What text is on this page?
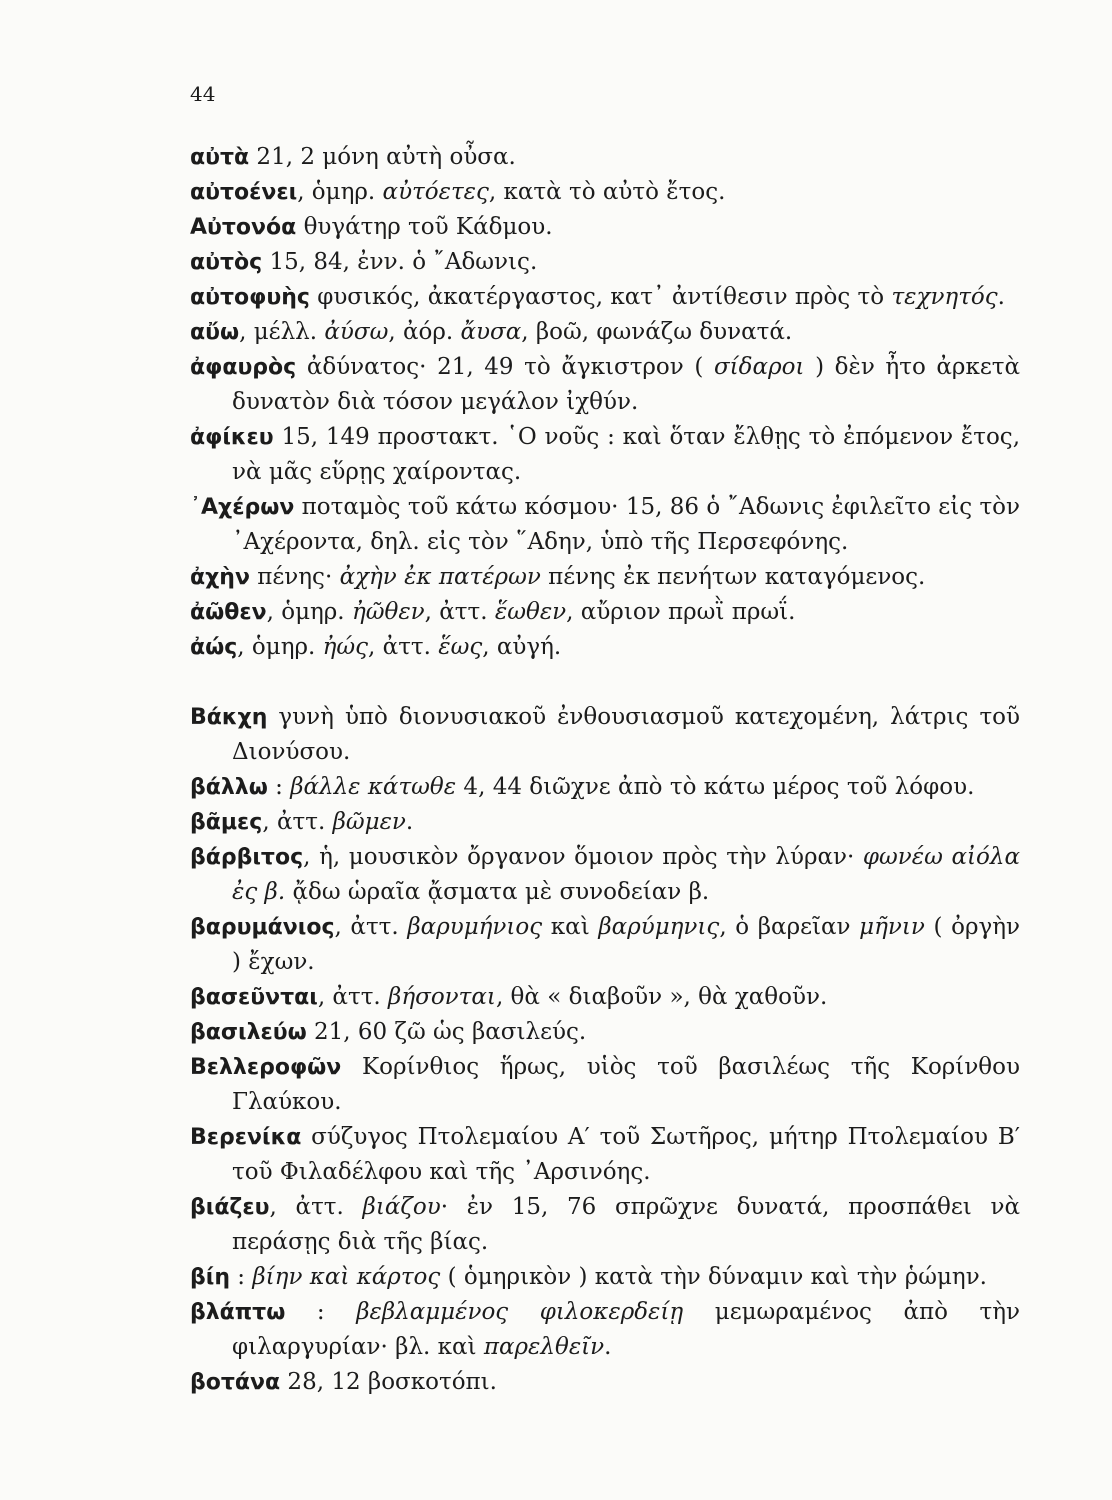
44
αὐτὰ 21, 2 μόνη αὐτὴ οὖσα.
αὐτοένει, ὁμηρ. αὐτόετες, κατὰ τὸ αὐτὸ ἔτος.
Αὐτονόα θυγάτηρ τοῦ Κάδμου.
αὐτὸς 15, 84, ἐνν. ὁ ῎Αδωνις.
αὐτοφυὴς φυσικός, ἀκατέργαστος, κατ᾽ ἀντίθεσιν πρὸς τὸ τεχνητός.
αὔω, μέλλ. ἀύσω, ἀόρ. ἄυσα, βοῶ, φωνάζω δυνατά.
ἀφαυρὸς ἀδύνατος· 21, 49 τὸ ἄγκιστρον ( σίδαροι ) δὲν ἦτο ἀρκετὰ δυνατὸν διὰ τόσον μεγάλον ἰχθύν.
ἀφίκευ 15, 149 προστακτ. ῾Ο νοῦς : καὶ ὅταν ἔλθῃς τὸ ἐπόμενον ἔτος, νὰ μᾶς εὕρῃς χαίροντας.
᾽Αχέρων ποταμὸς τοῦ κάτω κόσμου· 15, 86 ὁ ῎Αδωνις ἐφιλεῖτο εἰς τὸν ᾽Αχέροντα, δηλ. εἰς τὸν ῞Αδην, ὑπὸ τῆς Περσεφόνης.
ἀχὴν πένης· ἀχὴν ἐκ πατέρων πένης ἐκ πενήτων καταγόμενος.
ἀῶθεν, ὁμηρ. ἠῶθεν, ἀττ. ἕωθεν, αὔριον πρωῒ πρωΐ.
ἀώς, ὁμηρ. ἠώς, ἀττ. ἕως, αὐγή.
Βάκχη γυνὴ ὑπὸ διονυσιακοῦ ἐνθουσιασμοῦ κατεχομένη, λάτρις τοῦ Διονύσου.
βάλλω : βάλλε κάτωθε 4, 44 διῶχνε ἀπὸ τὸ κάτω μέρος τοῦ λόφου.
βᾶμες, ἀττ. βῶμεν.
βάρβιτος, ἡ, μουσικὸν ὄργανον ὅμοιον πρὸς τὴν λύραν· φωνέω αἰόλα ἐς β. ᾄδω ὡραῖα ᾄσματα μὲ συνοδείαν β.
βαρυμάνιος, ἀττ. βαρυμήνιος καὶ βαρύμηνις, ὁ βαρεῖαν μῆνιν ( ὀργὴν ) ἔχων.
βασεῦνται, ἀττ. βήσονται, θὰ « διαβοῦν », θὰ χαθοῦν.
βασιλεύω 21, 60 ζῶ ὡς βασιλεύς.
Βελλεροφῶν Κορίνθιος ἥρως, υἱὸς τοῦ βασιλέως τῆς Κορίνθου Γλαύκου.
Βερενίκα σύζυγος Πτολεμαίου Α′ τοῦ Σωτῆρος, μήτηρ Πτολεμαίου Β′ τοῦ Φιλαδέλφου καὶ τῆς ᾽Αρσινόης.
βιάζευ, ἀττ. βιάζου· ἐν 15, 76 σπρῶχνε δυνατά, προσπάθει νὰ περάσῃς διὰ τῆς βίας.
βίη : βίην καὶ κάρτος ( ὁμηρικὸν ) κατὰ τὴν δύναμιν καὶ τὴν ῥώμην.
βλάπτω : βεβλαμμένος φιλοκερδείῃ μεμωραμένος ἀπὸ τὴν φιλαργυρίαν· βλ. καὶ παρελθεῖν.
βοτάνα 28, 12 βοσκοτόπι.
